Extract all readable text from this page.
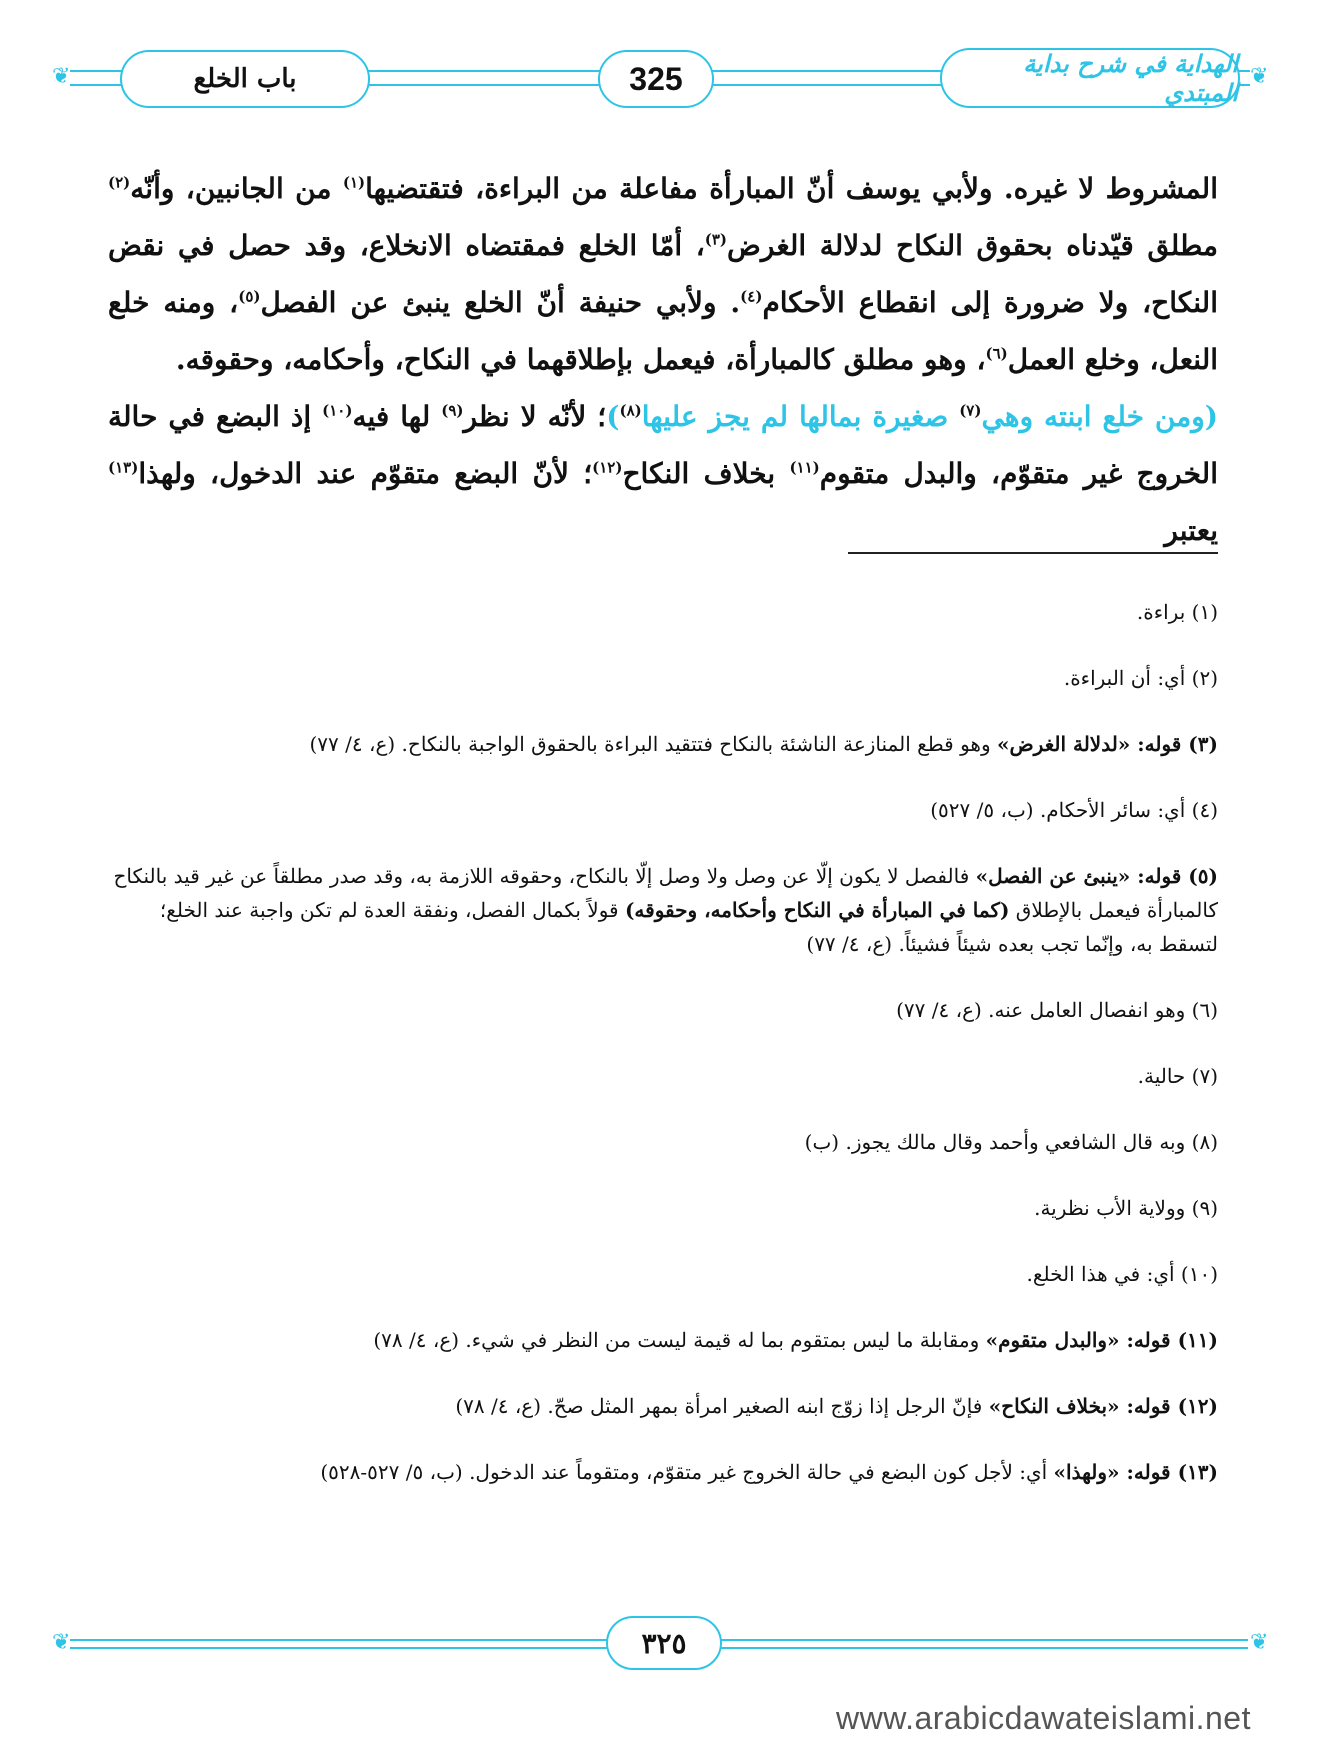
❦	❦
باب الخلع	325	الهداية في شرح بداية المبتدي

المشروط لا غيره. ولأبي يوسف أنّ المبارأة مفاعلة من البراءة، فتقتضيها$^{(١)}$ من الجانبين، وأنّه$^{(٢)}$ مطلق قيّدناه بحقوق النكاح لدلالة الغرض$^{(٣)}$، أمّا الخلع فمقتضاه الانخلاع، وقد حصل في نقض النكاح، ولا ضرورة إلى انقطاع الأحكام$^{(٤)}$. ولأبي حنيفة أنّ الخلع ينبئ عن الفصل$^{(٥)}$، ومنه خلع النعل، وخلع العمل$^{(٦)}$، وهو مطلق كالمبارأة، فيعمل بإطلاقهما في النكاح، وأحكامه، وحقوقه.

(ومن خلع ابنته وهي$^{(٧)}$ صغيرة بمالها لم يجز عليها$^{(٨)}$)؛ لأنّه لا نظر$^{(٩)}$ لها فيه$^{(١٠)}$ إذ البضع في حالة الخروج غير متقوّم، والبدل متقوم$^{(١١)}$ بخلاف النكاح$^{(١٢)}$؛ لأنّ البضع متقوّم عند الدخول، ولهذا$^{(١٣)}$ يعتبر

(١) براءة.

(٢) أي: أن البراءة.

(٣) قوله: «لدلالة الغرض» وهو قطع المنازعة الناشئة بالنكاح فتتقيد البراءة بالحقوق الواجبة بالنكاح. (ع، ٤/ ٧٧)

(٤) أي: سائر الأحكام. (ب، ٥/ ٥٢٧)

(٥) قوله: «ينبئ عن الفصل» فالفصل لا يكون إلّا عن وصل ولا وصل إلّا بالنكاح، وحقوقه اللازمة به، وقد صدر مطلقاً عن غير قيد بالنكاح كالمبارأة فيعمل بالإطلاق (كما في المبارأة في النكاح وأحكامه، وحقوقه) قولاً بكمال الفصل، ونفقة العدة لم تكن واجبة عند الخلع؛ لتسقط به، وإنّما تجب بعده شيئاً فشيئاً. (ع، ٤/ ٧٧)

(٦) وهو انفصال العامل عنه. (ع، ٤/ ٧٧)

(٧) حالية.

(٨) وبه قال الشافعي وأحمد وقال مالك يجوز. (ب)

(٩) وولاية الأب نظرية.

(١٠) أي: في هذا الخلع.

(١١) قوله: «والبدل متقوم» ومقابلة ما ليس بمتقوم بما له قيمة ليست من النظر في شيء. (ع، ٤/ ٧٨)

(١٢) قوله: «بخلاف النكاح» فإنّ الرجل إذا زوّج ابنه الصغير امرأة بمهر المثل صحّ. (ع، ٤/ ٧٨)

(١٣) قوله: «ولهذا» أي: لأجل كون البضع في حالة الخروج غير متقوّم، ومتقوماً عند الدخول. (ب، ٥/ ٥٢٧-٥٢٨)

❦	❦
٣٢٥
www.arabicdawateislami.net
